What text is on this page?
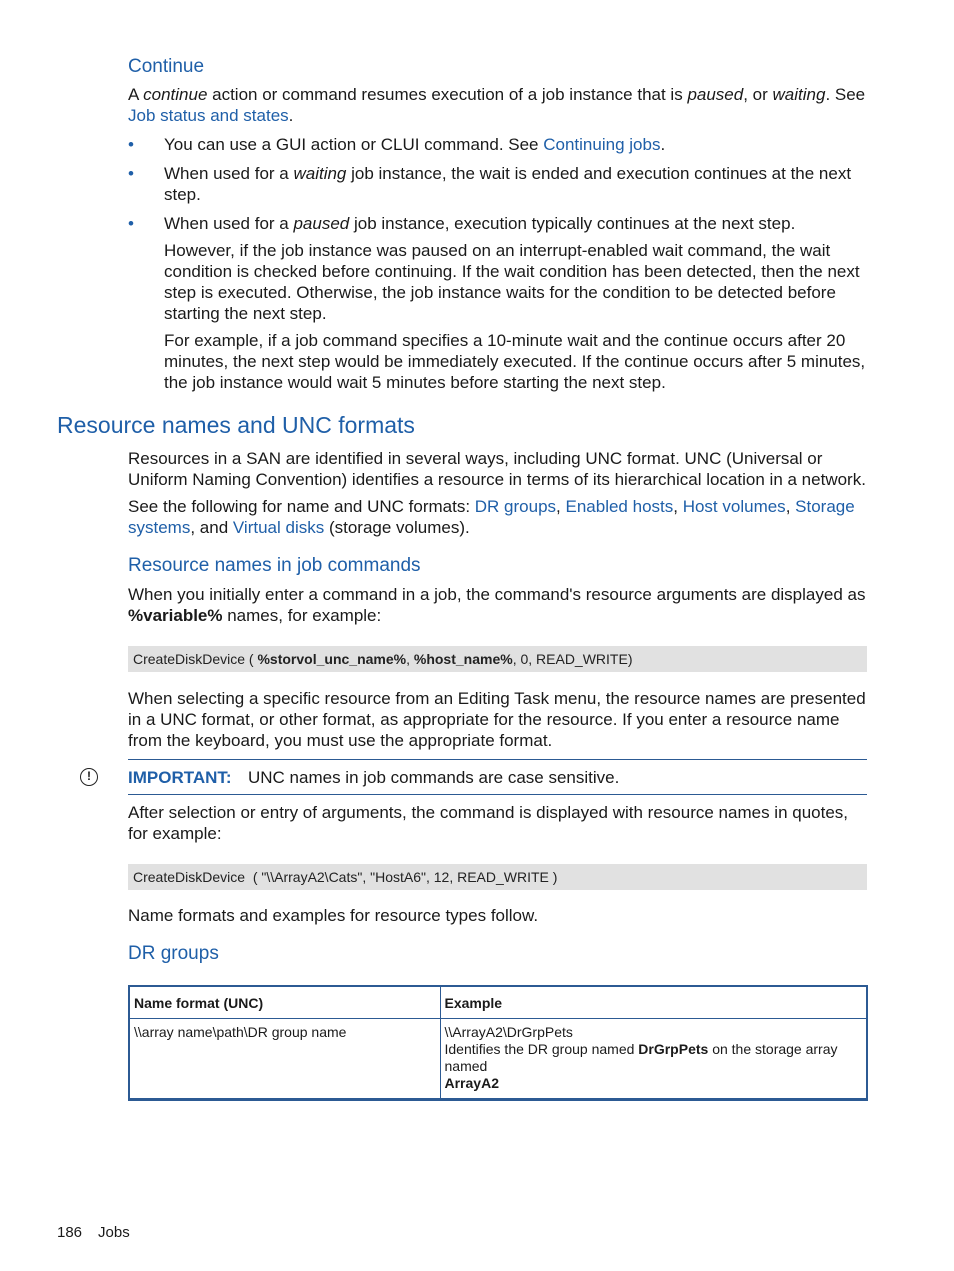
Continue
A continue action or command resumes execution of a job instance that is paused, or waiting. See
Job status and states.
• You can use a GUI action or CLUI command. See Continuing jobs.
• When used for a waiting job instance, the wait is ended and execution continues at the next step.
• When used for a paused job instance, execution typically continues at the next step.

However, if the job instance was paused on an interrupt-enabled wait command, the wait condition is checked before continuing. If the wait condition has been detected, then the next step is executed. Otherwise, the job instance waits for the condition to be detected before starting the next step.

For example, if a job command specifies a 10-minute wait and the continue occurs after 20 minutes, the next step would be immediately executed. If the continue occurs after 5 minutes, the job instance would wait 5 minutes before starting the next step.

Resource names and UNC formats
Resources in a SAN are identified in several ways, including UNC format. UNC (Universal or Uniform Naming Convention) identifies a resource in terms of its hierarchical location in a network.
See the following for name and UNC formats: DR groups, Enabled hosts, Host volumes, Storage systems, and Virtual disks (storage volumes).
Resource names in job commands
When you initially enter a command in a job, the command's resource arguments are displayed as %variable% names, for example:
CreateDiskDevice ( %storvol_unc_name%, %host_name%, 0, READ_WRITE)
When selecting a specific resource from an Editing Task menu, the resource names are presented in a UNC format, or other format, as appropriate for the resource. If you enter a resource name from the keyboard, you must use the appropriate format.
!	IMPORTANT: UNC names in job commands are case sensitive.
After selection or entry of arguments, the command is displayed with resource names in quotes, for example:
CreateDiskDevice  ( "\\ArrayA2\Cats", "HostA6", 12, READ_WRITE )
Name formats and examples for resource types follow.
DR groups
Name format (UNC)	Example
\\array name\path\DR group name	\\ArrayA2\DrGrpPets
Identifies the DR group named DrGrpPets on the storage array named
ArrayA2
186 Jobs
